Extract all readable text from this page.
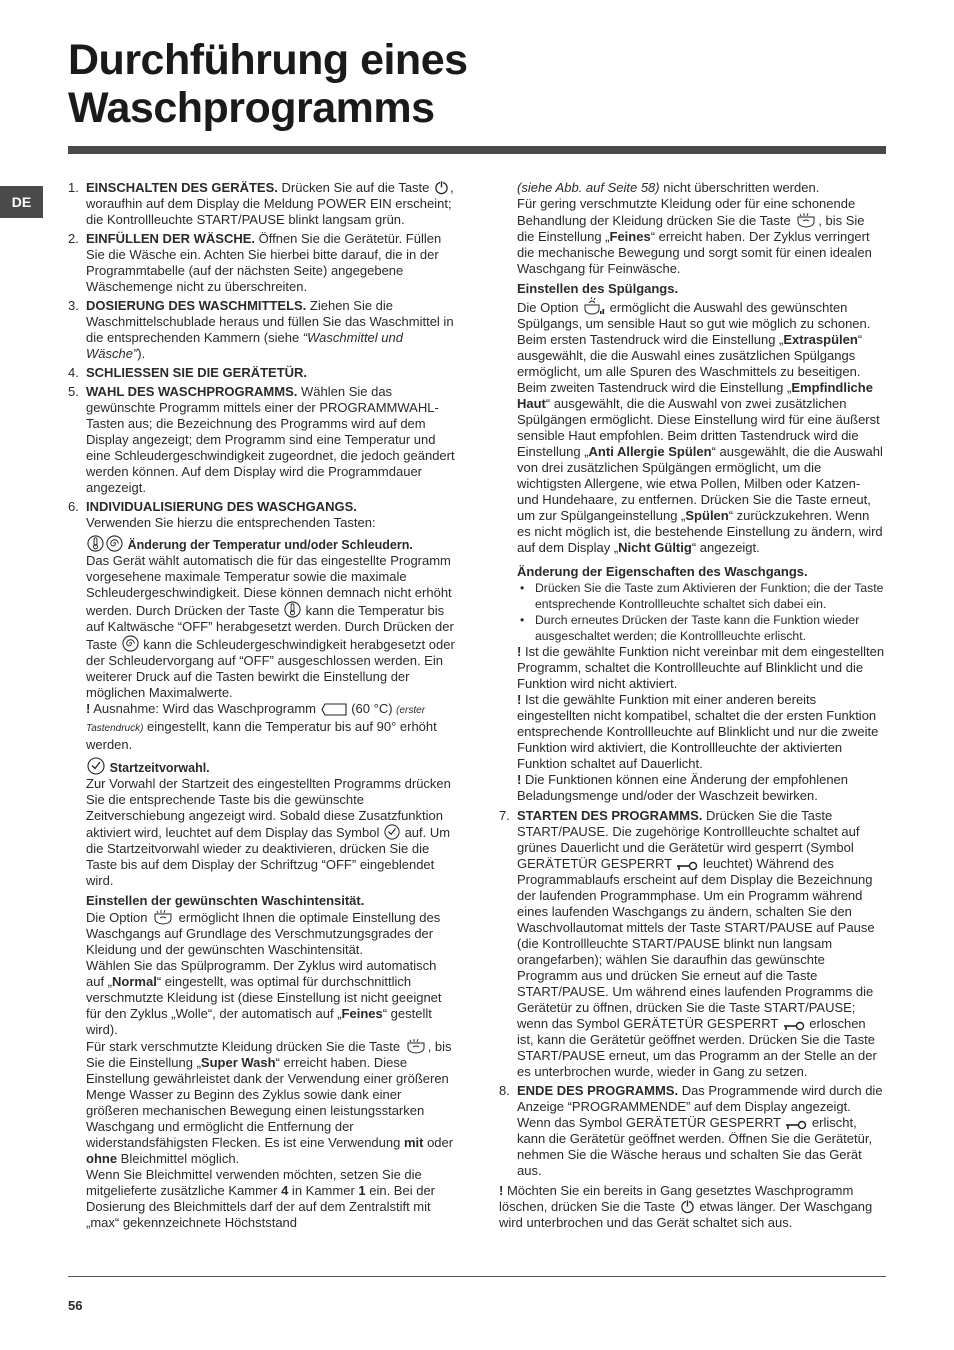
Durchführung eines
Waschprogramms
DE
1. EINSCHALTEN DES GERÄTES. Drücken Sie auf die Taste
, woraufhin auf dem Display die Meldung POWER EIN erscheint; die Kontrollleuchte START/PAUSE blinkt langsam grün.
2. EINFÜLLEN DER WÄSCHE. Öffnen Sie die Gerätetür. Füllen Sie die Wäsche ein. Achten Sie hierbei bitte darauf, die in der Programmtabelle (auf der nächsten Seite) angegebene Wäschemenge nicht zu überschreiten.
3. DOSIERUNG DES WASCHMITTELS. Ziehen Sie die Waschmittelschublade heraus und füllen Sie das Waschmittel in die entsprechenden Kammern (siehe “Waschmittel und Wäsche”).
4. SCHLIESSEN SIE DIE GERÄTETÜR.
5. WAHL DES WASCHPROGRAMMS. Wählen Sie das gewünschte Programm mittels einer der PROGRAMMWAHL-Tasten aus; die Bezeichnung des Programms wird auf dem Display angezeigt; dem Programm sind eine Temperatur und eine Schleudergeschwindigkeit zugeordnet, die jedoch geändert werden können. Auf dem Display wird die Programmdauer angezeigt.
6. INDIVIDUALISIERUNG DES WASCHGANGS.
Verwenden Sie hierzu die entsprechenden Tasten:
Änderung der Temperatur und/oder Schleudern.
Das Gerät wählt automatisch die für das eingestellte Programm vorgesehene maximale Temperatur sowie die maximale Schleudergeschwindigkeit. Diese können demnach nicht erhöht werden. Durch Drücken der Taste
kann die Temperatur bis auf Kaltwäsche “OFF” herabgesetzt werden. Durch Drücken der Taste
kann die Schleudergeschwindigkeit herabgesetzt oder der Schleudervorgang auf “OFF” ausgeschlossen werden. Ein weiterer Druck auf die Tasten bewirkt die Einstellung der möglichen Maximalwerte.
! Ausnahme: Wird das Waschprogramm
(60 °C) (erster Tastendruck) eingestellt, kann die Temperatur bis auf 90° erhöht werden.
Startzeitvorwahl.
Zur Vorwahl der Startzeit des eingestellten Programms drücken Sie die entsprechende Taste bis die gewünschte Zeitverschiebung angezeigt wird. Sobald diese Zusatzfunktion aktiviert wird, leuchtet auf dem Display das Symbol
auf. Um die Startzeitvorwahl wieder zu deaktivieren, drücken Sie die Taste bis auf dem Display der Schriftzug “OFF” eingeblendet wird.
Einstellen der gewünschten Waschintensität.
Die Option
ermöglicht Ihnen die optimale Einstellung des Waschgangs auf Grundlage des Verschmutzungsgrades der Kleidung und der gewünschten Waschintensität.
Wählen Sie das Spülprogramm. Der Zyklus wird automatisch auf „Normal“ eingestellt, was optimal für durchschnittlich verschmutzte Kleidung ist (diese Einstellung ist nicht geeignet für den Zyklus „Wolle“, der automatisch auf „Feines“ gestellt wird).
Für stark verschmutzte Kleidung drücken Sie die Taste
, bis Sie die Einstellung „Super Wash“ erreicht haben. Diese Einstellung gewährleistet dank der Verwendung einer größeren Menge Wasser zu Beginn des Zyklus sowie dank einer größeren mechanischen Bewegung einen leistungsstarken Waschgang und ermöglicht die Entfernung der widerstandsfähigsten Flecken. Es ist eine Verwendung mit oder ohne Bleichmittel möglich.
Wenn Sie Bleichmittel verwenden möchten, setzen Sie die mitgelieferte zusätzliche Kammer 4 in Kammer 1 ein. Bei der Dosierung des Bleichmittels darf der auf dem Zentralstift mit „max“ gekennzeichnete Höchststand
(siehe Abb. auf Seite 58) nicht überschritten werden.
Für gering verschmutzte Kleidung oder für eine schonende Behandlung der Kleidung drücken Sie die Taste
, bis Sie die Einstellung „Feines“ erreicht haben. Der Zyklus verringert die mechanische Bewegung und sorgt somit für einen idealen Waschgang für Feinwäsche.
Einstellen des Spülgangs.
Die Option
ermöglicht die Auswahl des gewünschten Spülgangs, um sensible Haut so gut wie möglich zu schonen. Beim ersten Tastendruck wird die Einstellung „Extraspülen“ ausgewählt, die die Auswahl eines zusätzlichen Spülgangs ermöglicht, um alle Spuren des Waschmittels zu beseitigen. Beim zweiten Tastendruck wird die Einstellung „Empfindliche Haut“ ausgewählt, die die Auswahl von zwei zusätzlichen Spülgängen ermöglicht. Diese Einstellung wird für eine äußerst sensible Haut empfohlen. Beim dritten Tastendruck wird die Einstellung „Anti Allergie Spülen“ ausgewählt, die die Auswahl von drei zusätzlichen Spülgängen ermöglicht, um die wichtigsten Allergene, wie etwa Pollen, Milben oder Katzen- und Hundehaare, zu entfernen. Drücken Sie die Taste erneut, um zur Spülgangeinstellung „Spülen“ zurückzukehren. Wenn es nicht möglich ist, die bestehende Einstellung zu ändern, wird auf dem Display „Nicht Gültig“ angezeigt.
Änderung der Eigenschaften des Waschgangs.
• Drücken Sie die Taste zum Aktivieren der Funktion; die der Taste entsprechende Kontrollleuchte schaltet sich dabei ein.
• Durch erneutes Drücken der Taste kann die Funktion wieder ausgeschaltet werden; die Kontrollleuchte erlischt.
! Ist die gewählte Funktion nicht vereinbar mit dem eingestellten Programm, schaltet die Kontrollleuchte auf Blinklicht und die Funktion wird nicht aktiviert.
! Ist die gewählte Funktion mit einer anderen bereits eingestellten nicht kompatibel, schaltet die der ersten Funktion entsprechende Kontrollleuchte auf Blinklicht und nur die zweite Funktion wird aktiviert, die Kontrollleuchte der aktivierten Funktion schaltet auf Dauerlicht.
! Die Funktionen können eine Änderung der empfohlenen Beladungsmenge und/oder der Waschzeit bewirken.
7. STARTEN DES PROGRAMMS. Drücken Sie die Taste START/PAUSE. Die zugehörige Kontrollleuchte schaltet auf grünes Dauerlicht und die Gerätetür wird gesperrt (Symbol GERÄTETÜR GESPERRT
leuchtet) Während des Programmablaufs erscheint auf dem Display die Bezeichnung der laufenden Programmphase. Um ein Programm während eines laufenden Waschgangs zu ändern, schalten Sie den Waschvollautomat mittels der Taste START/PAUSE auf Pause (die Kontrollleuchte START/PAUSE blinkt nun langsam orangefarben); wählen Sie daraufhin das gewünschte Programm aus und drücken Sie erneut auf die Taste START/PAUSE. Um während eines laufenden Programms die Gerätetür zu öffnen, drücken Sie die Taste START/PAUSE; wenn das Symbol GERÄTETÜR GESPERRT
erloschen ist, kann die Gerätetür geöffnet werden. Drücken Sie die Taste START/PAUSE erneut, um das Programm an der Stelle an der es unterbrochen wurde, wieder in Gang zu setzen.
8. ENDE DES PROGRAMMS. Das Programmende wird durch die Anzeige “PROGRAMMENDE” auf dem Display angezeigt. Wenn das Symbol GERÄTETÜR GESPERRT
erlischt, kann die Gerätetür geöffnet werden. Öffnen Sie die Gerätetür, nehmen Sie die Wäsche heraus und schalten Sie das Gerät aus.
! Möchten Sie ein bereits in Gang gesetztes Waschprogramm löschen, drücken Sie die Taste
etwas länger. Der Waschgang wird unterbrochen und das Gerät schaltet sich aus.
56
